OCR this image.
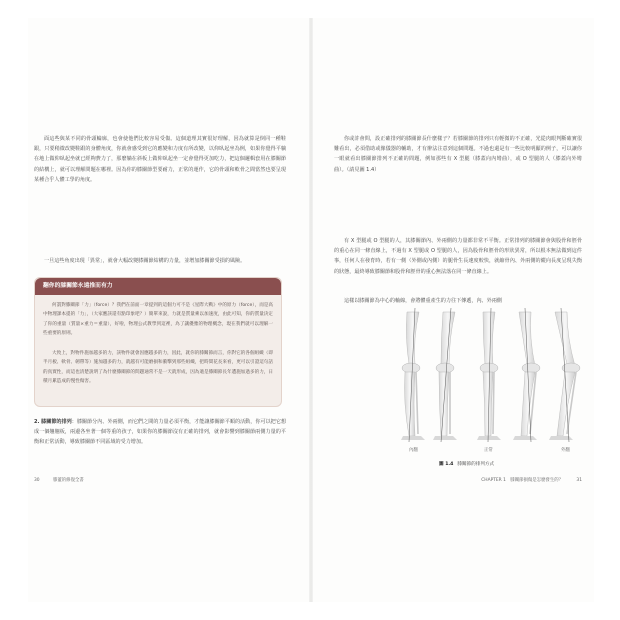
面這些與某不同的骨頭輪廓，也會使他們比較容易受傷。這個道理其實很好理解，因為就算是倒同一種鞋跟，只要稍微改變鞋跟的身體角度，你就會感受到它的應變和力度有所改變，以仰臥起坐為例，如果你覺得平躺在地上做仰臥起坐就已經夠費力了，那麼躺在斜板上做仰臥起坐一定會覺得更加吃力，把這個邏輯套用在膝關節的結構上，就可以理解問題在哪裡。因為你的膝關節型要耐力，正常的運作，它的骨頭和軟骨之間當然也要呈現某種合乎人體工學的角度。

一旦這些角度出現「異常」，就會大幅改變膝關節結構的力量，並增加膝關節受損的風險。

翻你的膝關節永遠推而有力

何謂對膝關節「力」（force）？我們在前面一章提到的這個力可不是《星際大戰》中的原力（force），而是高中物理課本提的「力」，（大家應該還有點印象吧？）簡單來說，力就是質量乘以加速度，由此可知，你的質量決定了你的重量（質量×重力＝重量），好啦，物理公式教學到這裡，為了讓優雅的物理概念，現在我們就可以理解一些重要的原則。

大致上，對物件施加越多的力，該物件就會因應越多的力，因此，就你的膝關節而言，你對它的各個組織（即半月板、軟骨、韌帶等）施加越多的力，就越有可能磨損和衝擊到那些組織，把時間花長來看，更可以引證這句話的真實性，而這也清楚說明了為什麼膝關節的問題通常不是一天就形成，因為適是膝關節長年遭施加過多的力，日積月累造成的慢性傷害。

2. 膝關節的排列：膝關節分內、外兩側，而它們之間的力量必須平衡，才能讓膝關節平順的活動，你可以把它想成一個翹翹板，兩邊各坐著一個等重的孩子，如果你的膝關節沒有正確的排列，就會影響到膝關節兩側力量的平衡和正常活動，導致膝關節不同區域的受力增加。

30	膝蓋的修復全書

你或許會問，設正確排列的膝關節長什麼樣子？若膝關節的排列只有輕微的不正確，光從肉眼判斷確實很難看出，必須借助或像儀器的輔助，才有辦法注意到這個問題。不過也還是有一些比較明顯的例子，可以讓你一眼就看出膝關節排列不正確的問題，例如那些有 X 型腿（膝蓋向內彎曲），或 O 型腿的人（膝蓋向外彎曲）。（請見圖 1.4）

有 X 型腿或 O 型腿的人，其膝關節內、外兩側的力量都非常不平衡。正常排列的膝關節會與股骨和脛骨的重心在同一條直線上，不過有 X 型腿或 O 型腿的人，因為股骨和脛骨的形狀異常，所以根本無法做到這件事，任何人在發育時，若有一側（外側或內側）的腿骨生長速度較快，就縮骨內、外兩側的縱向長度呈現失衡的狀態，最終導致膝關節和股骨和脛骨的重心無法落在同一條直線上。

這樣以膝關節為中心的軸線，會將體重產生的力往下傳遞，內、外兩側

內翻	正常	外翻
圖 1.4 膝關節的排列方式
CHAPTER 1　膝關節損傷是怎麼發生的？	31
